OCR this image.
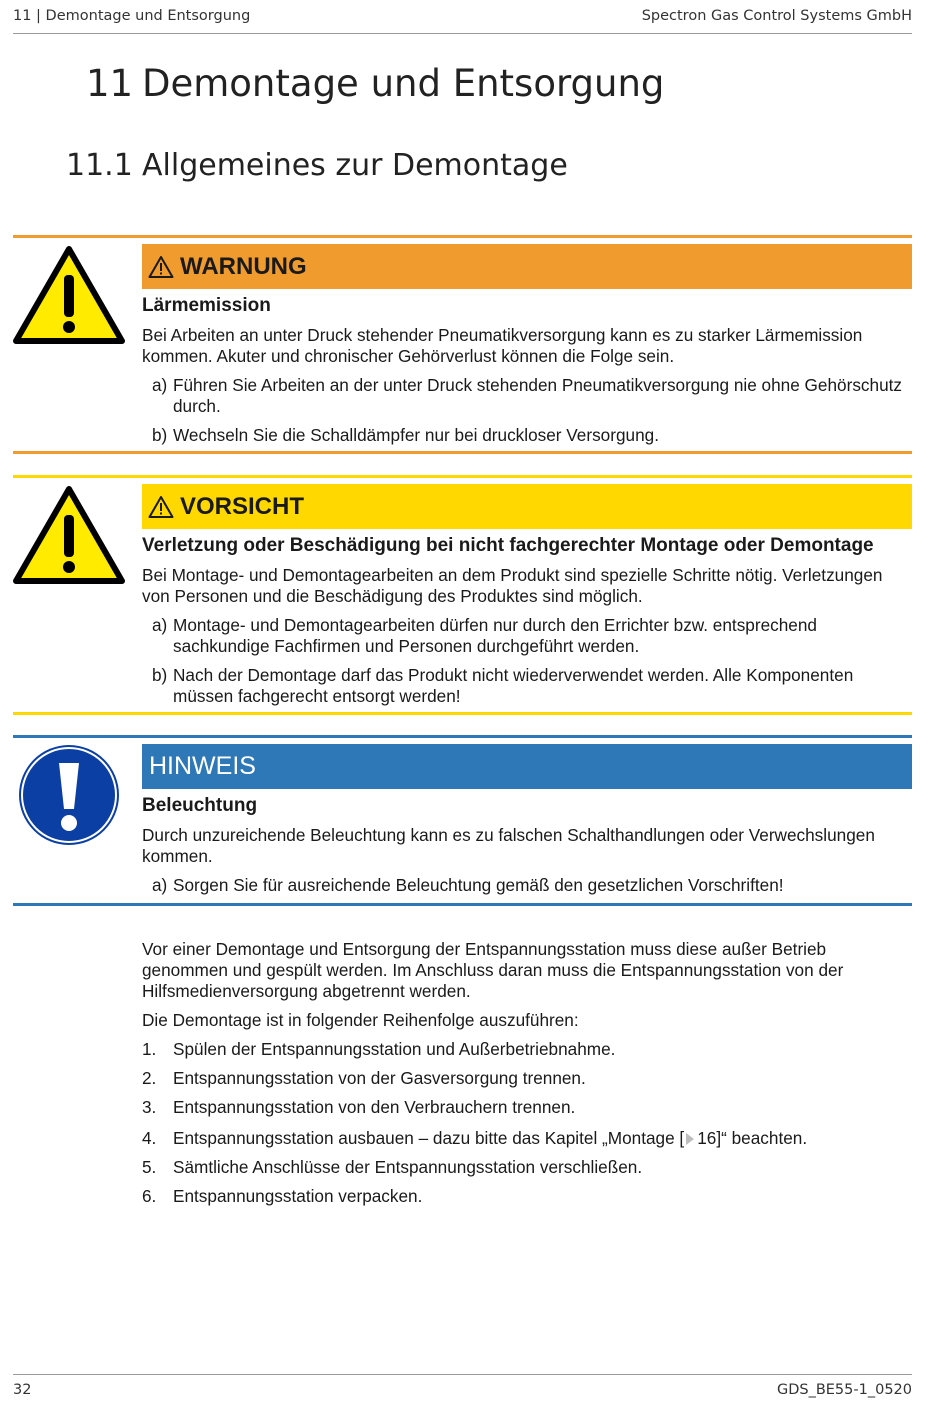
11 | Demontage und Entsorgung	Spectron Gas Control Systems GmbH
11 Demontage und Entsorgung
11.1 Allgemeines zur Demontage
WARNUNG
Lärmemission
Bei Arbeiten an unter Druck stehender Pneumatikversorgung kann es zu starker Lärmemission kommen. Akuter und chronischer Gehörverlust können die Folge sein.
a) Führen Sie Arbeiten an der unter Druck stehenden Pneumatikversorgung nie ohne Gehörschutz durch.
b) Wechseln Sie die Schalldämpfer nur bei druckloser Versorgung.
VORSICHT
Verletzung oder Beschädigung bei nicht fachgerechter Montage oder Demontage
Bei Montage- und Demontagearbeiten an dem Produkt sind spezielle Schritte nötig. Verletzungen von Personen und die Beschädigung des Produktes sind möglich.
a) Montage- und Demontagearbeiten dürfen nur durch den Errichter bzw. entsprechend sachkundige Fachfirmen und Personen durchgeführt werden.
b) Nach der Demontage darf das Produkt nicht wiederverwendet werden. Alle Komponenten müssen fachgerecht entsorgt werden!
HINWEIS
Beleuchtung
Durch unzureichende Beleuchtung kann es zu falschen Schalthandlungen oder Verwechslungen kommen.
a) Sorgen Sie für ausreichende Beleuchtung gemäß den gesetzlichen Vorschriften!
Vor einer Demontage und Entsorgung der Entspannungsstation muss diese außer Betrieb genommen und gespült werden. Im Anschluss daran muss die Entspannungsstation von der Hilfsmedienversorgung abgetrennt werden.
Die Demontage ist in folgender Reihenfolge auszuführen:
1. Spülen der Entspannungsstation und Außerbetriebnahme.
2. Entspannungsstation von der Gasversorgung trennen.
3. Entspannungsstation von den Verbrauchern trennen.
4. Entspannungsstation ausbauen – dazu bitte das Kapitel „Montage [ 16]“ beachten.
5. Sämtliche Anschlüsse der Entspannungsstation verschließen.
6. Entspannungsstation verpacken.
32	GDS_BE55-1_0520
